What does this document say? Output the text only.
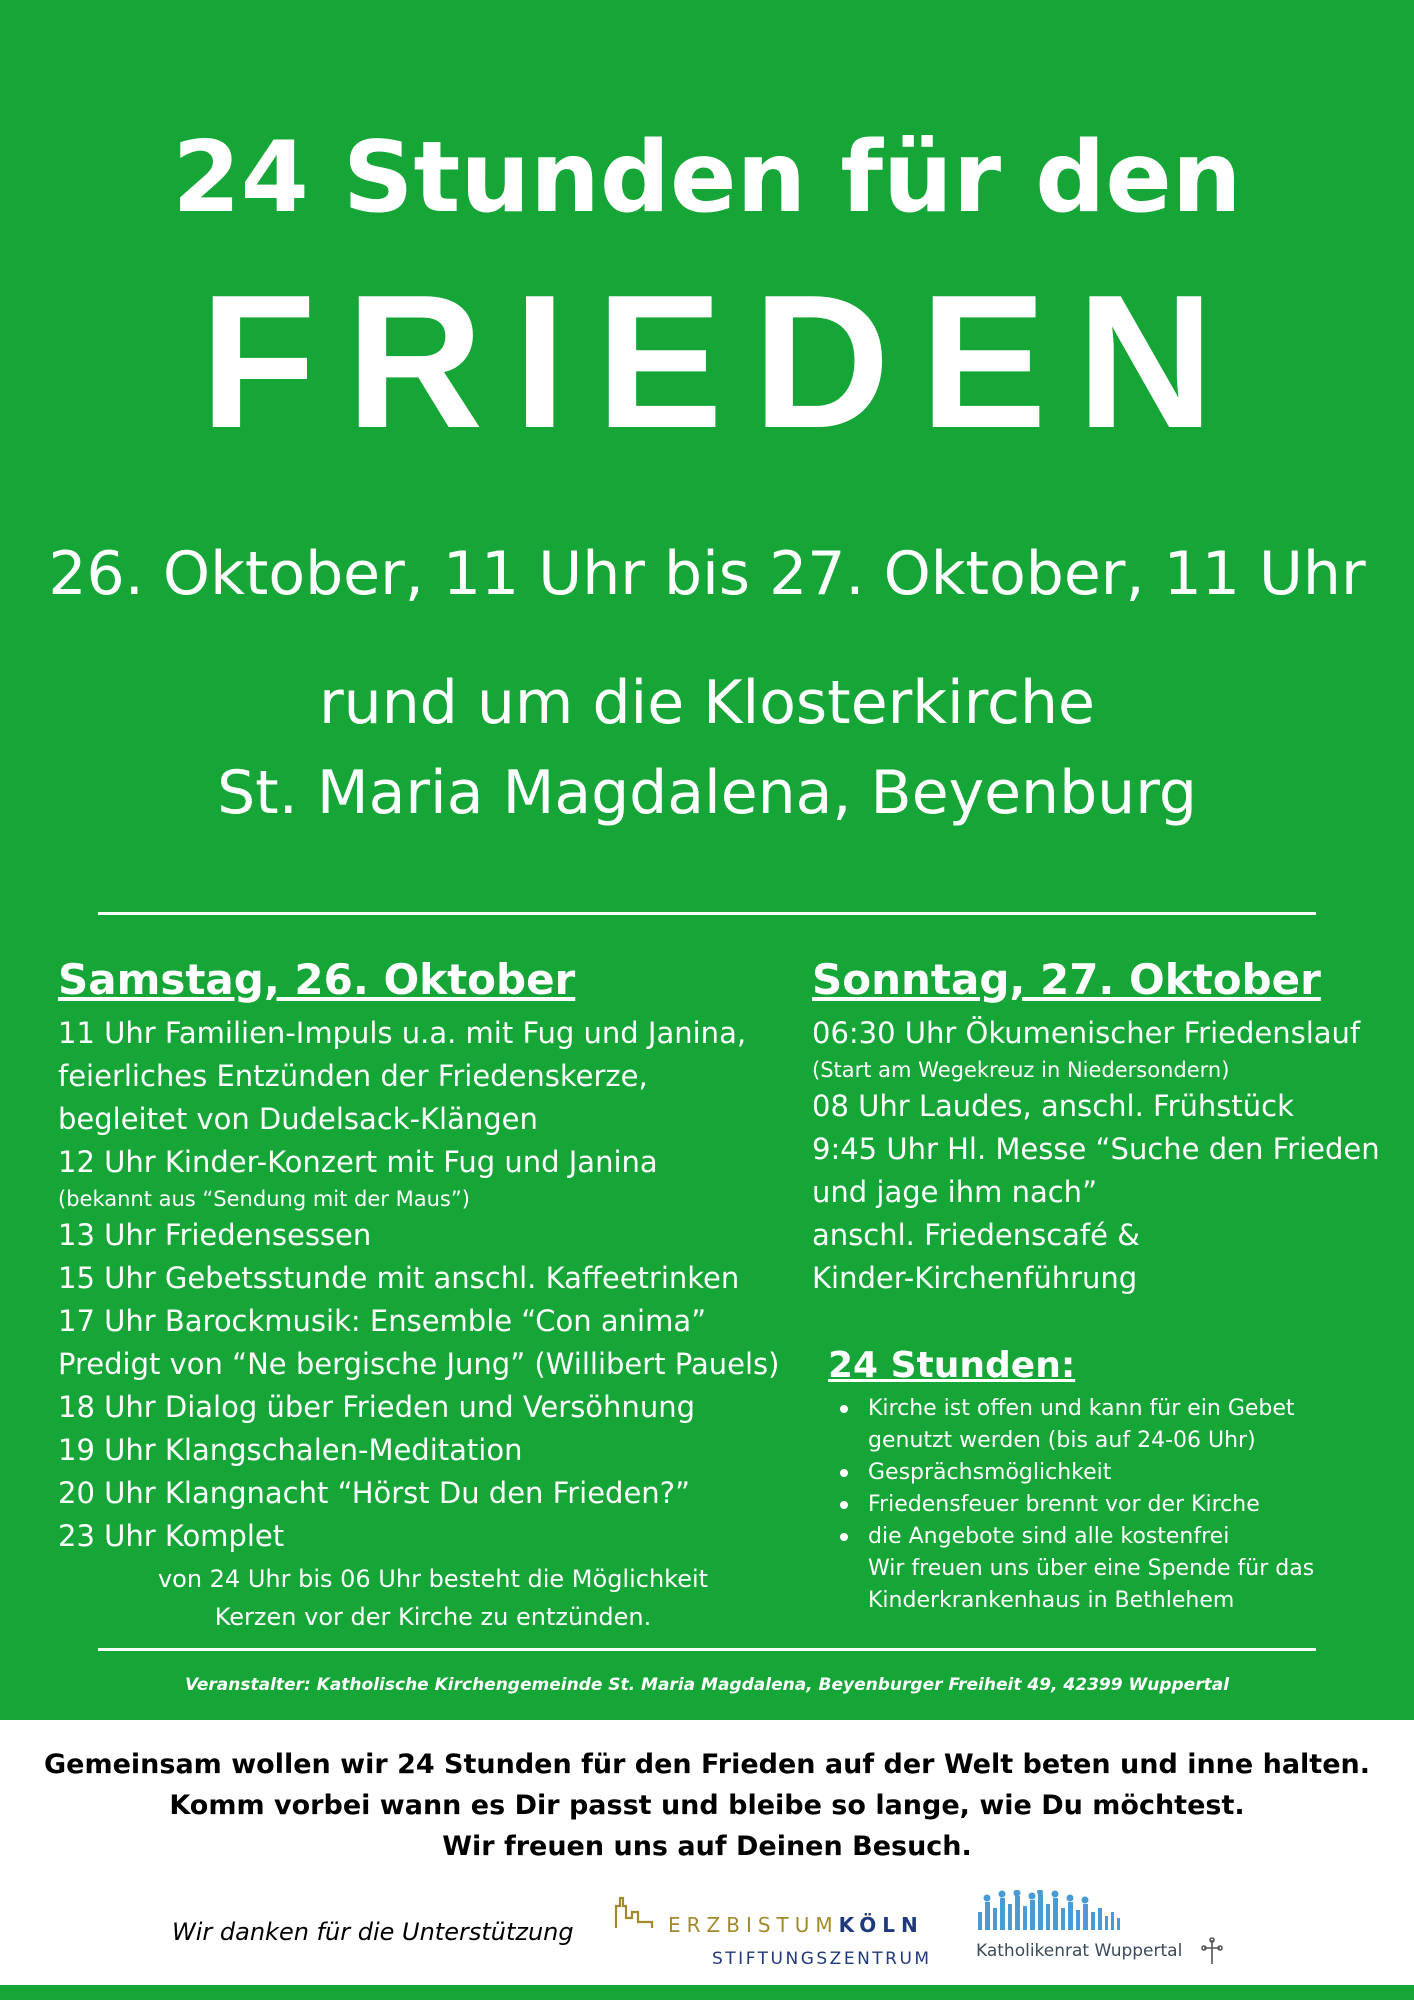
24 Stunden für den
FRIEDEN
26. Oktober, 11 Uhr bis 27. Oktober, 11 Uhr
rund um die Klosterkirche
St. Maria Magdalena, Beyenburg
Samstag, 26. Oktober
11 Uhr Familien-Impuls u.a. mit Fug und Janina,
feierliches Entzünden der Friedenskerze,
begleitet von Dudelsack-Klängen
12 Uhr Kinder-Konzert mit Fug und Janina
(bekannt aus “Sendung mit der Maus”)
13 Uhr Friedensessen
15 Uhr Gebetsstunde mit anschl. Kaffeetrinken
17 Uhr Barockmusik: Ensemble “Con anima”
Predigt von “Ne bergische Jung” (Willibert Pauels)
18 Uhr Dialog über Frieden und Versöhnung
19 Uhr Klangschalen-Meditation
20 Uhr Klangnacht “Hörst Du den Frieden?”
23 Uhr Komplet
von 24 Uhr bis 06 Uhr besteht die Möglichkeit
Kerzen vor der Kirche zu entzünden.
Sonntag, 27. Oktober
06:30 Uhr Ökumenischer Friedenslauf
(Start am Wegekreuz in Niedersondern)
08 Uhr Laudes, anschl. Frühstück
9:45 Uhr Hl. Messe “Suche den Frieden
und jage ihm nach”
anschl. Friedenscafé &
Kinder-Kirchenführung
24 Stunden:
Kirche ist offen und kann für ein Gebet
genutzt werden (bis auf 24-06 Uhr)
Gesprächsmöglichkeit
Friedensfeuer brennt vor der Kirche
die Angebote sind alle kostenfrei
Wir freuen uns über eine Spende für das
Kinderkrankenhaus in Bethlehem
Veranstalter: Katholische Kirchengemeinde St. Maria Magdalena, Beyenburger Freiheit 49, 42399 Wuppertal
Gemeinsam wollen wir 24 Stunden für den Frieden auf der Welt beten und inne halten.
Komm vorbei wann es Dir passt und bleibe so lange, wie Du möchtest.
Wir freuen uns auf Deinen Besuch.
Wir danken für die Unterstützung	ERZBISTUMKÖLN
STIFTUNGSZENTRUM	Katholikenrat Wuppertal
